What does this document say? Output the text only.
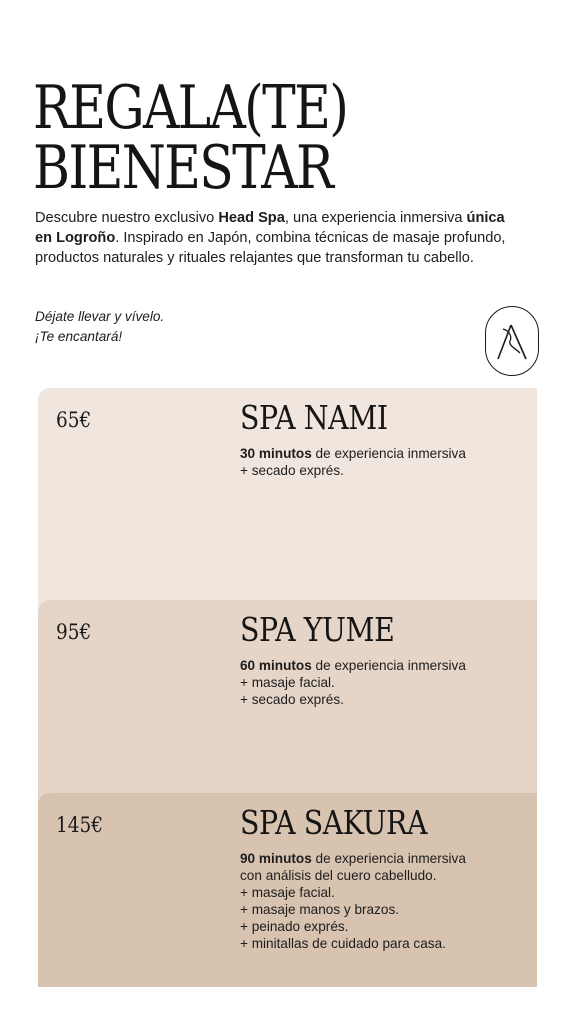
REGALA(TE)
BIENESTAR

Descubre nuestro exclusivo Head Spa, una experiencia inmersiva única en Logroño. Inspirado en Japón, combina técnicas de masaje profundo, productos naturales y rituales relajantes que transforman tu cabello.

Déjate llevar y vívelo.
¡Te encantará!

65€	SPA NAMI
30 minutos de experiencia inmersiva
+ secado exprés.
95€	SPA YUME
60 minutos de experiencia inmersiva
+ masaje facial.
+ secado exprés.
145€	SPA SAKURA
90 minutos de experiencia inmersiva
con análisis del cuero cabelludo.
+ masaje facial.
+ masaje manos y brazos.
+ peinado exprés.
+ minitallas de cuidado para casa.
